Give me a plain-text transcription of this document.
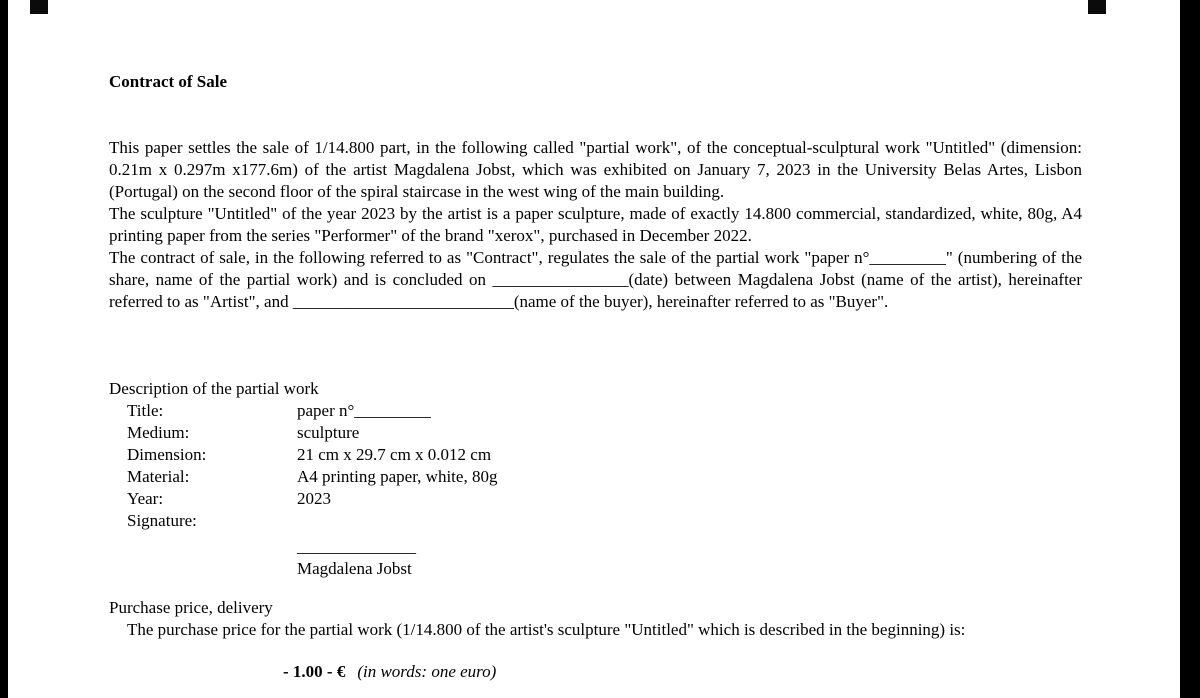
Contract of Sale

This paper settles the sale of 1/14.800 part, in the following called "partial work", of the conceptual-sculptural work "Untitled" (dimension: 0.21m x 0.297m x177.6m) of the artist Magdalena Jobst, which was exhibited on January 7, 2023 in the University Belas Artes, Lisbon (Portugal) on the second floor of the spiral staircase in the west wing of the main building.

The sculpture "Untitled" of the year 2023 by the artist is a paper sculpture, made of exactly 14.800 commercial, standardized, white, 80g, A4 printing paper from the series "Performer" of the brand "xerox", purchased in December 2022.

The contract of sale, in the following referred to as "Contract", regulates the sale of the partial work "paper n°_________" (numbering of the share, name of the partial work) and is concluded on ________________(date) between Magdalena Jobst (name of the artist), hereinafter referred to as "Artist", and __________________________(name of the buyer), hereinafter referred to as "Buyer".

Description of the partial work
Title:	paper n°_________
Medium:	sculpture
Dimension:	21 cm x 29.7 cm x 0.012 cm
Material:	A4 printing paper, white, 80g
Year:	2023
Signature:
______________
Magdalena Jobst
Purchase price, delivery
The purchase price for the partial work (1/14.800 of the artist's sculpture "Untitled" which is described in the beginning) is:
- 1.00 - € (in words: one euro)
